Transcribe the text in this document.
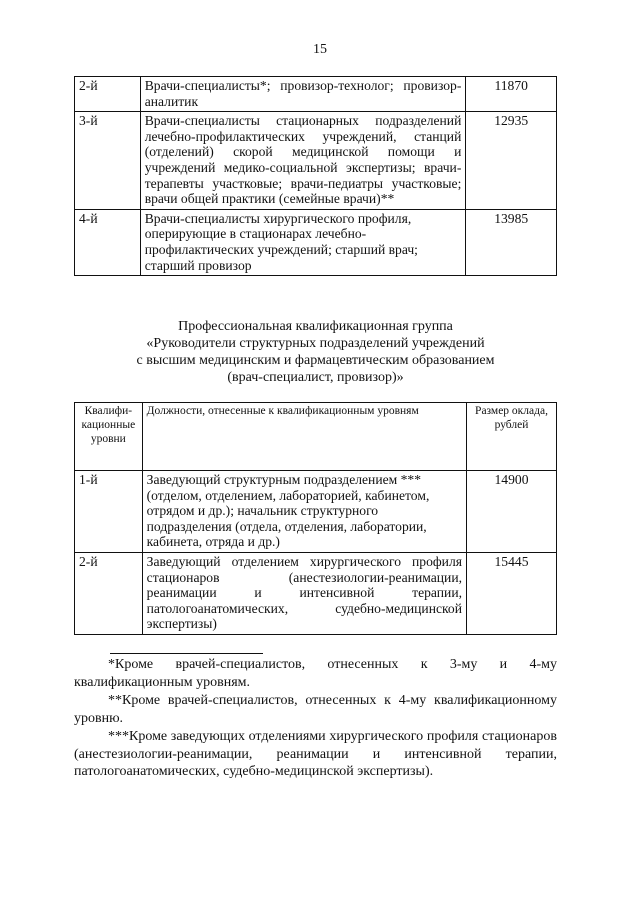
15
2-й	Врачи-специалисты*; провизор-технолог; провизор-аналитик	11870
3-й	Врачи-специалисты стационарных подразделений лечебно-профилактических учреждений, станций (отделений) скорой медицинской помощи и учреждений медико-социальной экспертизы; врачи-терапевты участковые; врачи-педиатры участковые; врачи общей практики (семейные врачи)**	12935
4-й	Врачи-специалисты хирургического профиля, оперирующие в стационарах лечебно-профилактических учреждений; старший врач; старший провизор	13985
Профессиональная квалификационная группа
«Руководители структурных подразделений учреждений
с высшим медицинским и фармацевтическим образованием
(врач-специалист, провизор)»
Квалифи-кационные уровни	Должности, отнесенные к квалификационным уровням	Размер оклада, рублей
1-й	Заведующий структурным подразделением *** (отделом, отделением, лабораторией, кабинетом, отрядом и др.); начальник структурного подразделения (отдела, отделения, лаборатории, кабинета, отряда и др.)	14900
2-й	Заведующий отделением хирургического профиля стационаров (анестезиологии-реанимации, реанимации и интенсивной терапии, патологоанатомических, судебно-медицинской экспертизы)	15445

*Кроме врачей-специалистов, отнесенных к 3-му и 4-му квалификационным уровням.

**Кроме врачей-специалистов, отнесенных к 4-му квалификационному уровню.

***Кроме заведующих отделениями хирургического профиля стационаров (анестезиологии-реанимации, реанимации и интенсивной терапии, патологоанатомических, судебно-медицинской экспертизы).
